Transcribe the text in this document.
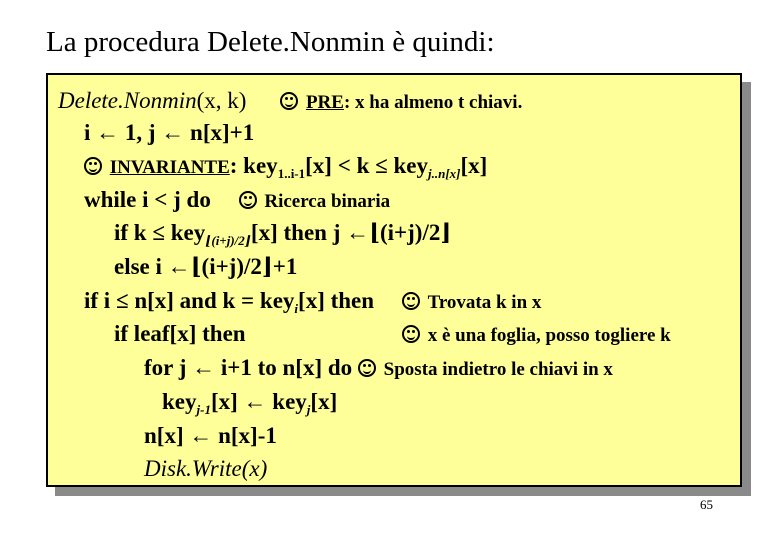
La procedura Delete.Nonmin è quindi:
Delete.Nonmin(x, k)	PRE: x ha almeno t chiavi.
i ← 1, j ← n[x]+1
INVARIANTE: key$_{1..i-1}$[x] < k ≤ key$_{j..n[x]}$[x]
while i < j do	Ricerca binaria
if k ≤ key$_{⌊(i+j)/2⌋}$[x] then j ←⌊(i+j)/2⌋
else i ←⌊(i+j)/2⌋+1
if i ≤ n[x] and k = key$_i$[x] then	Trovata k in x
if leaf[x] then	x è una foglia, posso togliere k
for j ← i+1 to n[x] do Sposta indietro le chiavi in x
key$_{j-1}$[x] ← key$_j$[x]
n[x] ← n[x]-1
Disk.Write(x)
65
